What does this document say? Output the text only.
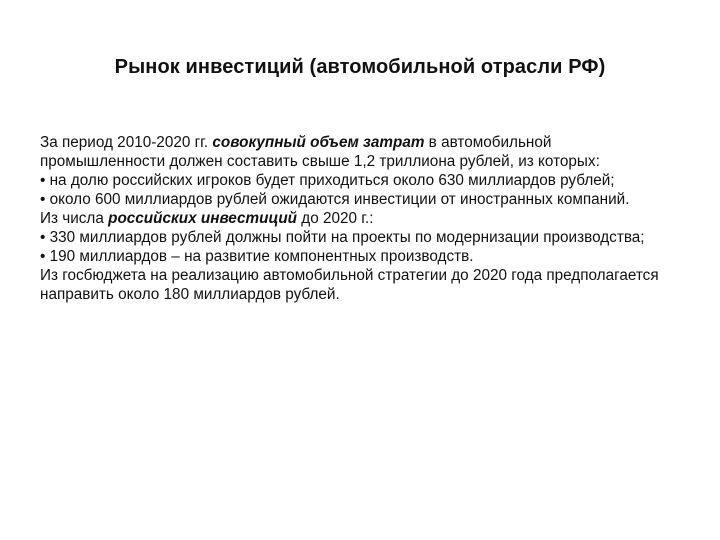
Рынок инвестиций (автомобильной отрасли РФ)

За период 2010-2020 гг. совокупный объем затрат в автомобильной промышленности должен составить свыше 1,2 триллиона рублей, из которых:

• на долю российских игроков будет приходиться около 630 миллиардов рублей;

• около 600 миллиардов рублей ожидаются инвестиции от иностранных компаний.

Из числа российских инвестиций до 2020 г.:

• 330 миллиардов рублей должны пойти на проекты по модернизации производства;

• 190 миллиардов – на развитие компонентных производств.

Из госбюджета на реализацию автомобильной стратегии до 2020 года предполагается направить около 180 миллиардов рублей.
